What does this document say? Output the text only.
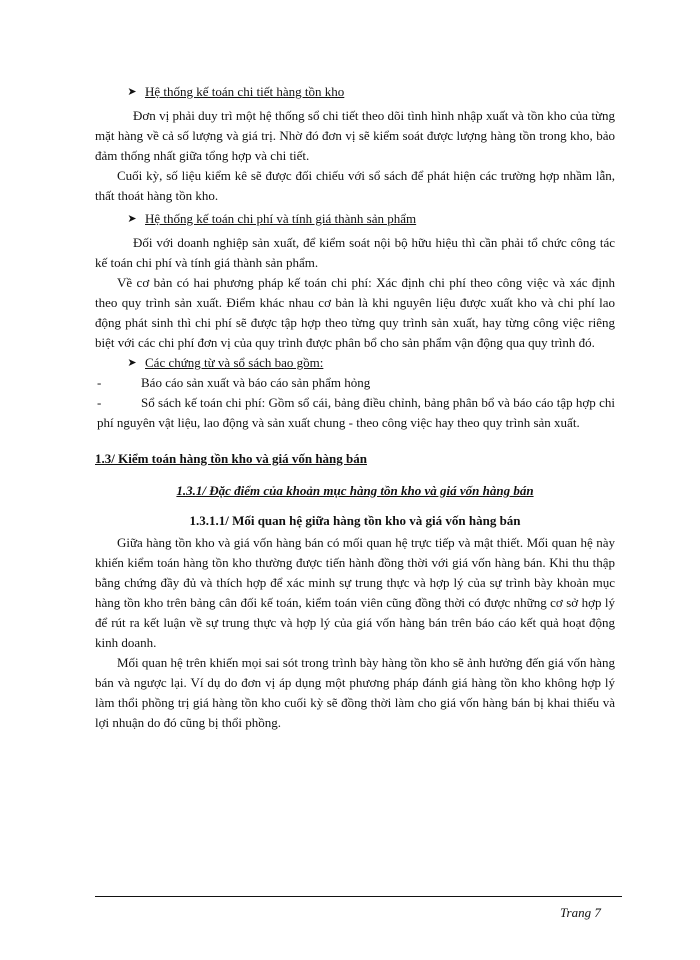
➤ Hệ thống kế toán chi tiết hàng tồn kho

Đơn vị phải duy trì một hệ thống sổ chi tiết theo dõi tình hình nhập xuất và tồn kho của từng mặt hàng về cả số lượng và giá trị. Nhờ đó đơn vị sẽ kiểm soát được lượng hàng tồn trong kho, bảo đảm thống nhất giữa tổng hợp và chi tiết.

Cuối kỳ, số liệu kiểm kê sẽ được đối chiếu với sổ sách để phát hiện các trường hợp nhầm lẫn, thất thoát hàng tồn kho.

➤ Hệ thống kế toán chi phí và tính giá thành sản phẩm

Đối với doanh nghiệp sản xuất, để kiểm soát nội bộ hữu hiệu thì cần phải tổ chức công tác kế toán chi phí và tính giá thành sản phẩm.

Về cơ bản có hai phương pháp kế toán chi phí: Xác định chi phí theo công việc và xác định theo quy trình sản xuất. Điểm khác nhau cơ bản là khi nguyên liệu được xuất kho và chi phí lao động phát sinh thì chi phí sẽ được tập hợp theo từng quy trình sản xuất, hay từng công việc riêng biệt với các chi phí đơn vị của quy trình được phân bổ cho sản phẩm vận động qua quy trình đó.

➤ Các chứng từ và sổ sách bao gồm:

-	Báo cáo sản xuất và báo cáo sản phẩm hỏng
-	Sổ sách kế toán chi phí: Gồm sổ cái, bảng điều chỉnh, bảng phân bổ và báo cáo tập hợp chi phí nguyên vật liệu, lao động và sản xuất chung - theo công việc hay theo quy trình sản xuất.

1.3/ Kiểm toán hàng tồn kho và giá vốn hàng bán

1.3.1/ Đặc điểm của khoản mục hàng tồn kho và giá vốn hàng bán

1.3.1.1/ Mối quan hệ giữa hàng tồn kho và giá vốn hàng bán

Giữa hàng tồn kho và giá vốn hàng bán có mối quan hệ trực tiếp và mật thiết. Mối quan hệ này khiến kiểm toán hàng tồn kho thường được tiến hành đồng thời với giá vốn hàng bán. Khi thu thập bằng chứng đầy đủ và thích hợp để xác minh sự trung thực và hợp lý của sự trình bày khoản mục hàng tồn kho trên bảng cân đối kế toán, kiểm toán viên cũng đồng thời có được những cơ sở hợp lý để rút ra kết luận về sự trung thực và hợp lý của giá vốn hàng bán trên báo cáo kết quả hoạt động kinh doanh.

Mối quan hệ trên khiến mọi sai sót trong trình bày hàng tồn kho sẽ ảnh hưởng đến giá vốn hàng bán và ngược lại. Ví dụ do đơn vị áp dụng một phương pháp đánh giá hàng tồn kho không hợp lý làm thổi phồng trị giá hàng tồn kho cuối kỳ sẽ đồng thời làm cho giá vốn hàng bán bị khai thiếu và lợi nhuận do đó cũng bị thổi phồng.

Trang 7
